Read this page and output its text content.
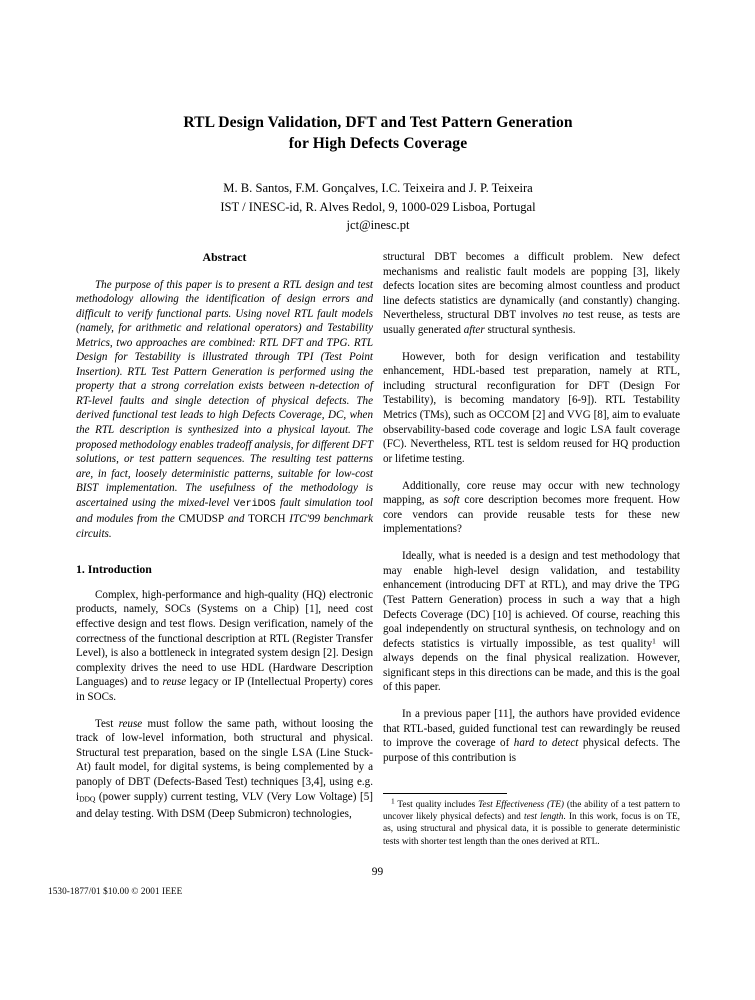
RTL Design Validation, DFT and Test Pattern Generation
for High Defects Coverage
M. B. Santos, F.M. Gonçalves, I.C. Teixeira and J. P. Teixeira
IST / INESC-id, R. Alves Redol, 9, 1000-029 Lisboa, Portugal
jct@inesc.pt
Abstract

The purpose of this paper is to present a RTL design and test methodology allowing the identification of design errors and difficult to verify functional parts. Using novel RTL fault models (namely, for arithmetic and relational operators) and Testability Metrics, two approaches are combined: RTL DFT and TPG. RTL Design for Testability is illustrated through TPI (Test Point Insertion). RTL Test Pattern Generation is performed using the property that a strong correlation exists between n-detection of RT-level faults and single detection of physical defects. The derived functional test leads to high Defects Coverage, DC, when the RTL description is synthesized into a physical layout. The proposed methodology enables tradeoff analysis, for different DFT solutions, or test pattern sequences. The resulting test patterns are, in fact, loosely deterministic patterns, suitable for low-cost BIST implementation. The usefulness of the methodology is ascertained using the mixed-level VeriDOS fault simulation tool and modules from the CMUDSP and TORCH ITC'99 benchmark circuits.

1. Introduction

Complex, high-performance and high-quality (HQ) electronic products, namely, SOCs (Systems on a Chip) [1], need cost effective design and test flows. Design verification, namely of the correctness of the functional description at RTL (Register Transfer Level), is also a bottleneck in integrated system design [2]. Design complexity drives the need to use HDL (Hardware Description Languages) and to reuse legacy or IP (Intellectual Property) cores in SOCs.

Test reuse must follow the same path, without loosing the track of low-level information, both structural and physical. Structural test preparation, based on the single LSA (Line Stuck-At) fault model, for digital systems, is being complemented by a panoply of DBT (Defects-Based Test) techniques [3,4], using e.g. $i_{DDQ}$ (power supply) current testing, VLV (Very Low Voltage) [5] and delay testing. With DSM (Deep Submicron) technologies,

structural DBT becomes a difficult problem. New defect mechanisms and realistic fault models are popping [3], likely defects location sites are becoming almost countless and product line defects statistics are dynamically (and constantly) changing. Nevertheless, structural DBT involves no test reuse, as tests are usually generated after structural synthesis.

However, both for design verification and testability enhancement, HDL-based test preparation, namely at RTL, including structural reconfiguration for DFT (Design For Testability), is becoming mandatory [6-9]). RTL Testability Metrics (TMs), such as OCCOM [2] and VVG [8], aim to evaluate observability-based code coverage and logic LSA fault coverage (FC). Nevertheless, RTL test is seldom reused for HQ production or lifetime testing.

Additionally, core reuse may occur with new technology mapping, as soft core description becomes more frequent. How core vendors can provide reusable tests for these new implementations?

Ideally, what is needed is a design and test methodology that may enable high-level design validation, and testability enhancement (introducing DFT at RTL), and may drive the TPG (Test Pattern Generation) process in such a way that a high Defects Coverage (DC) [10] is achieved. Of course, reaching this goal independently on structural synthesis, on technology and on defects statistics is virtually impossible, as test quality$^1$ will always depends on the final physical realization. However, significant steps in this directions can be made, and this is the goal of this paper.

In a previous paper [11], the authors have provided evidence that RTL-based, guided functional test can rewardingly be reused to improve the coverage of hard to detect physical defects. The purpose of this contribution is

$^1$ Test quality includes Test Effectiveness (TE) (the ability of a test pattern to uncover likely physical defects) and test length. In this work, focus is on TE, as, using structural and physical data, it is possible to generate deterministic tests with shorter test length than the ones derived at RTL.

99
1530-1877/01 $10.00 © 2001 IEEE
